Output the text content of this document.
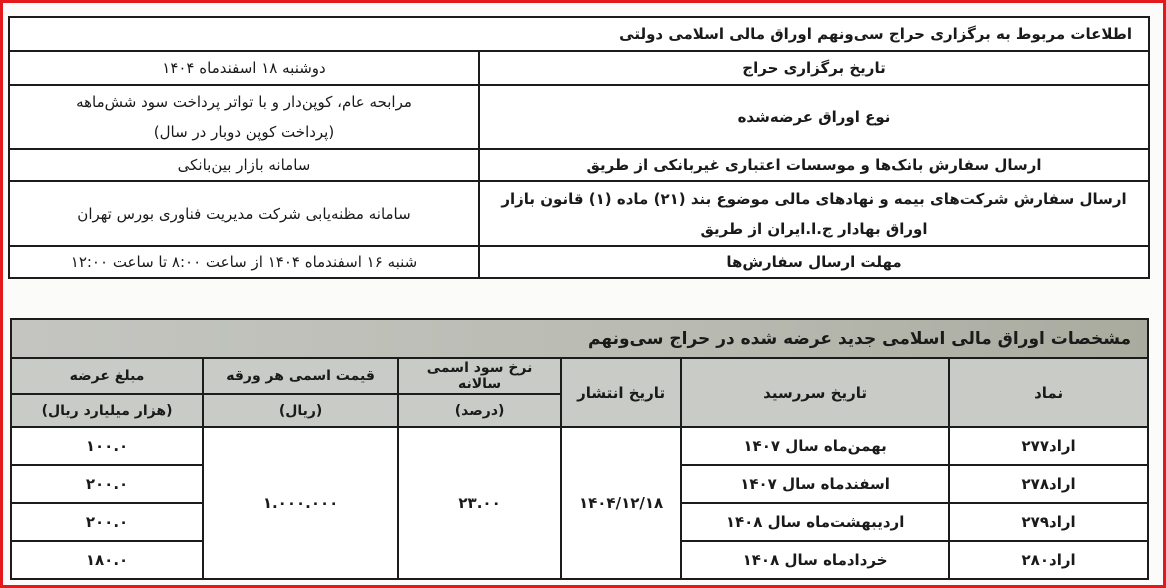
اطلاعات مربوط به برگزاری حراج سی‌ونهم اوراق مالی اسلامی دولتی	
تاریخ برگزاری حراج	دوشنبه ۱۸ اسفندماه ۱۴۰۴
نوع اوراق عرضه‌شده	مرابحه عام، کوپن‌دار و با تواتر پرداخت سود شش‌ماهه (پرداخت کوپن دوبار در سال)
ارسال سفارش بانک‌ها و موسسات اعتباری غیربانکی از طریق	سامانه بازار بین‌بانکی
ارسال سفارش شرکت‌های بیمه و نهادهای مالی موضوع بند (۲۱) ماده (۱) قانون بازار اوراق بهادار ج.ا.ایران از طریق	سامانه مظنه‌یابی شرکت مدیریت فناوری بورس تهران
مهلت ارسال سفارش‌ها	شنبه ۱۶ اسفندماه ۱۴۰۴ از ساعت ۸:۰۰ تا ساعت ۱۲:۰۰
مشخصات اوراق مالی اسلامی جدید عرضه شده در حراج سی‌ونهم					
نماد	تاریخ سررسید	تاریخ انتشار	نرخ سود اسمی سالانه	قیمت اسمی هر ورقه	مبلغ عرضه
			(درصد)	(ریال)	(هزار میلیارد ریال)
اراد۲۷۷	بهمن‌ماه سال ۱۴۰۷	۱۴۰۴/۱۲/۱۸	۲۳.۰۰	۱.۰۰۰.۰۰۰	۱۰۰.۰
اراد۲۷۸	اسفندماه سال ۱۴۰۷				۲۰۰.۰
اراد۲۷۹	اردیبهشت‌ماه سال ۱۴۰۸				۲۰۰.۰
اراد۲۸۰	خردادماه سال ۱۴۰۸				۱۸۰.۰
